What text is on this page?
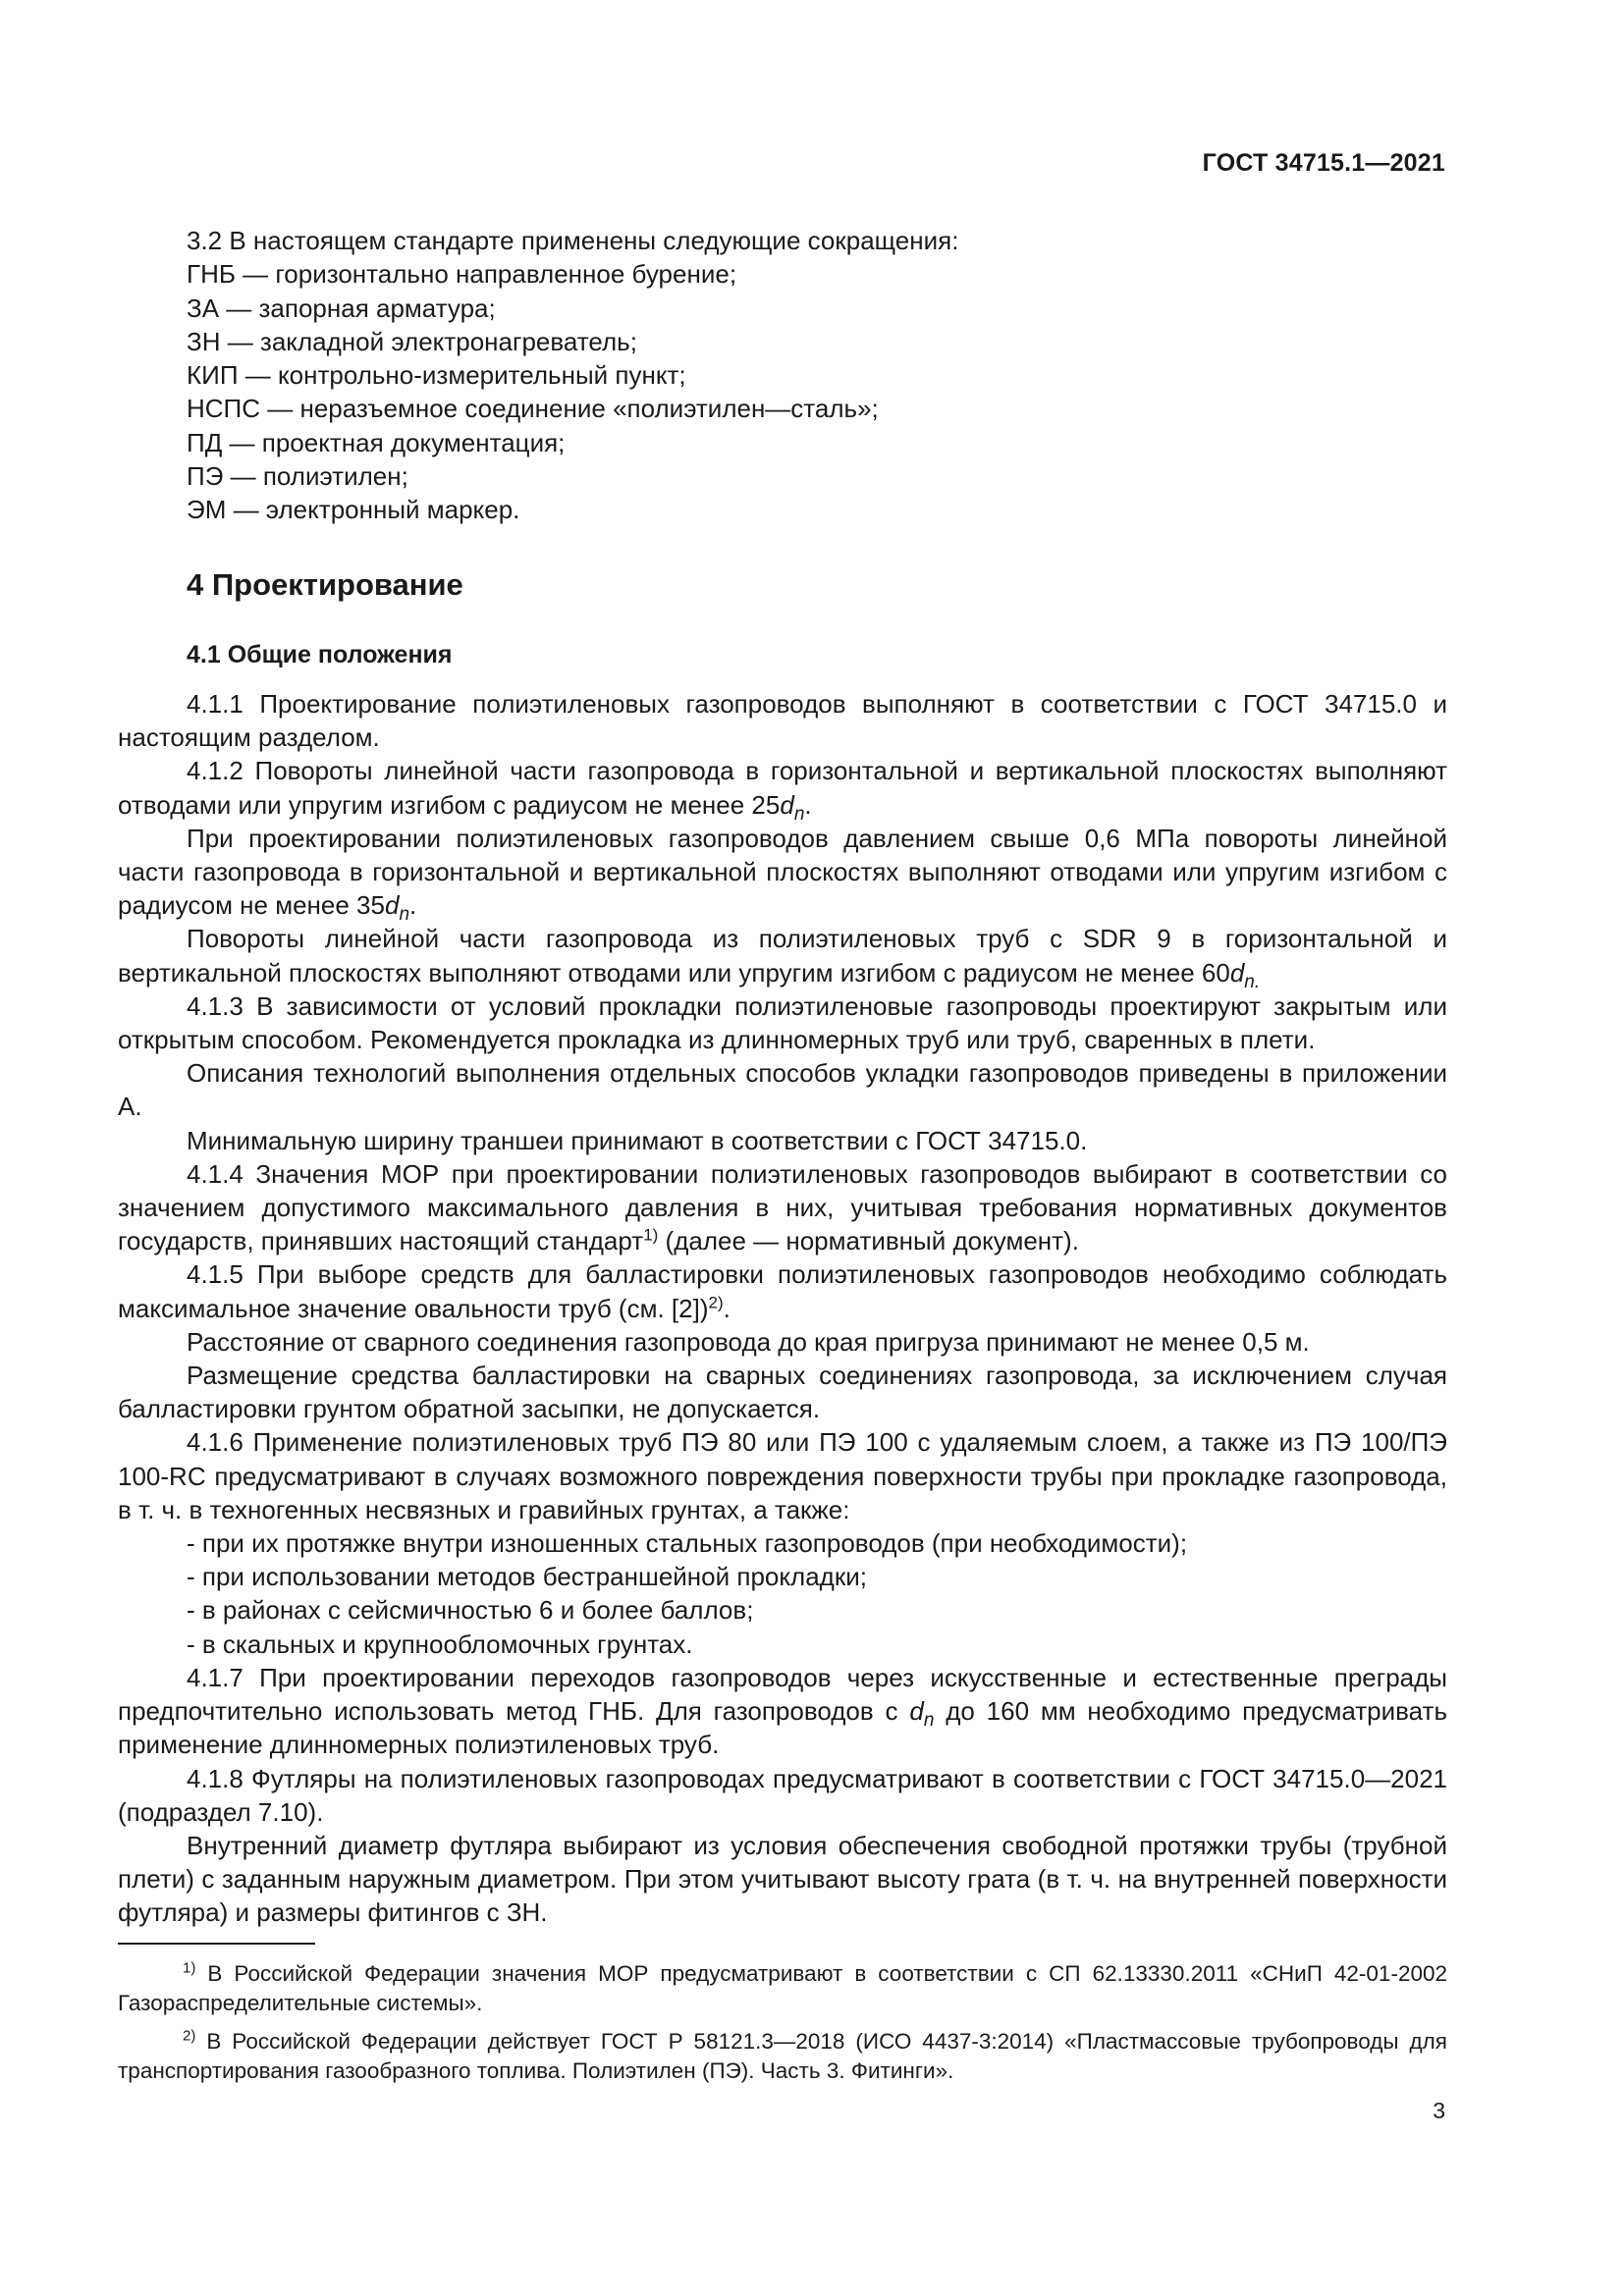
ГОСТ 34715.1—2021
3.2 В настоящем стандарте применены следующие сокращения:
ГНБ — горизонтально направленное бурение;
ЗА — запорная арматура;
ЗН — закладной электронагреватель;
КИП — контрольно-измерительный пункт;
НСПС — неразъемное соединение «полиэтилен—сталь»;
ПД — проектная документация;
ПЭ — полиэтилен;
ЭМ — электронный маркер.
4 Проектирование
4.1 Общие положения

4.1.1 Проектирование полиэтиленовых газопроводов выполняют в соответствии с ГОСТ 34715.0 и настоящим разделом.

4.1.2 Повороты линейной части газопровода в горизонтальной и вертикальной плоскостях выполняют отводами или упругим изгибом с радиусом не менее $25d_n$.

При проектировании полиэтиленовых газопроводов давлением свыше 0,6 МПа повороты линейной части газопровода в горизонтальной и вертикальной плоскостях выполняют отводами или упругим изгибом с радиусом не менее $35d_n$.

Повороты линейной части газопровода из полиэтиленовых труб с SDR 9 в горизонтальной и вертикальной плоскостях выполняют отводами или упругим изгибом с радиусом не менее $60d_{n.}$

4.1.3 В зависимости от условий прокладки полиэтиленовые газопроводы проектируют закрытым или открытым способом. Рекомендуется прокладка из длинномерных труб или труб, сваренных в плети.

Описания технологий выполнения отдельных способов укладки газопроводов приведены в приложении А.

Минимальную ширину траншеи принимают в соответствии с ГОСТ 34715.0.

4.1.4 Значения МОР при проектировании полиэтиленовых газопроводов выбирают в соответствии со значением допустимого максимального давления в них, учитывая требования нормативных документов государств, принявших настоящий стандарт$^{1)}$ (далее — нормативный документ).

4.1.5 При выборе средств для балластировки полиэтиленовых газопроводов необходимо соблюдать максимальное значение овальности труб (см. [2])$^{2)}$.

Расстояние от сварного соединения газопровода до края пригруза принимают не менее 0,5 м.

Размещение средства балластировки на сварных соединениях газопровода, за исключением случая балластировки грунтом обратной засыпки, не допускается.

4.1.6 Применение полиэтиленовых труб ПЭ 80 или ПЭ 100 с удаляемым слоем, а также из ПЭ 100/ПЭ 100-RC предусматривают в случаях возможного повреждения поверхности трубы при прокладке газопровода, в т. ч. в техногенных несвязных и гравийных грунтах, а также:

- при их протяжке внутри изношенных стальных газопроводов (при необходимости);

- при использовании методов бестраншейной прокладки;

- в районах с сейсмичностью 6 и более баллов;

- в скальных и крупнообломочных грунтах.

4.1.7 При проектировании переходов газопроводов через искусственные и естественные преграды предпочтительно использовать метод ГНБ. Для газопроводов с $d_n$ до 160 мм необходимо предусматривать применение длинномерных полиэтиленовых труб.

4.1.8 Футляры на полиэтиленовых газопроводах предусматривают в соответствии с ГОСТ 34715.0—2021 (подраздел 7.10).

Внутренний диаметр футляра выбирают из условия обеспечения свободной протяжки трубы (трубной плети) с заданным наружным диаметром. При этом учитывают высоту грата (в т. ч. на внутренней поверхности футляра) и размеры фитингов с ЗН.

$^{1)}$ В Российской Федерации значения МОР предусматривают в соответствии с СП 62.13330.2011 «СНиП 42-01-2002 Газораспределительные системы».

$^{2)}$ В Российской Федерации действует ГОСТ Р 58121.3—2018 (ИСО 4437-3:2014) «Пластмассовые трубопроводы для транспортирования газообразного топлива. Полиэтилен (ПЭ). Часть 3. Фитинги».

3
